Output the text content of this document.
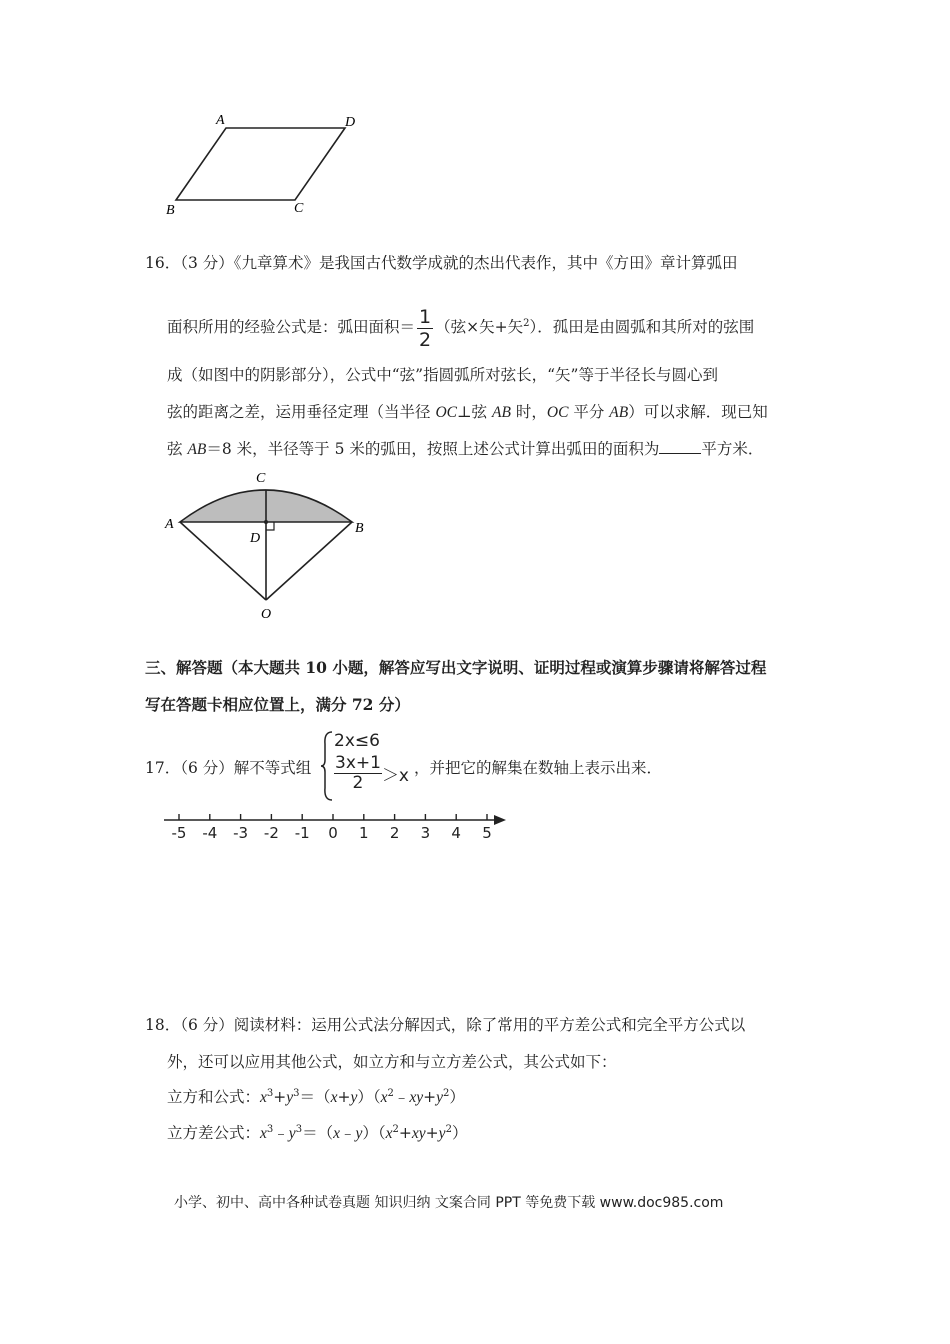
A	D
B	C
16．（3 分）《九章算术》是我国古代数学成就的杰出代表作，其中《方田》章计算弧田
面积所用的经验公式是：弧田面积＝ $\frac{1}{2}$ （弦×矢+矢$^2$）．孤田是由圆弧和其所对的弦围
成（如图中的阴影部分），公式中“弦”指圆弧所对弦长，“矢”等于半径长与圆心到
弦的距离之差，运用垂径定理（当半径 OC⊥弦 AB 时，OC 平分 AB）可以求解．现已知
弦 AB＝8 米，半径等于 5 米的弧田，按照上述公式计算出弧田的面积为	平方米．
C
A	B
D
O
三、解答题（本大题共 10 小题，解答应写出文字说明、证明过程或演算步骤请将解答过程
写在答题卡相应位置上，满分 72 分）
17．（6 分）解不等式组
2x≤6
$\frac{3x+1}{2} >x$ ，并把它的解集在数轴上表示出来．
-5 -4 -3 -2 -1 0 1 2 3 4 5
18．（6 分）阅读材料：运用公式法分解因式，除了常用的平方差公式和完全平方公式以
外，还可以应用其他公式，如立方和与立方差公式，其公式如下：
立方和公式：$x^3+y^3=(x+y)(x^2﹣xy+y^2)$
立方差公式：$x^3﹣y^3=(x﹣y)(x^2+xy+y^2)$
小学、初中、高中各种试卷真题 知识归纳 文案合同 PPT 等免费下载 www.doc985.com
